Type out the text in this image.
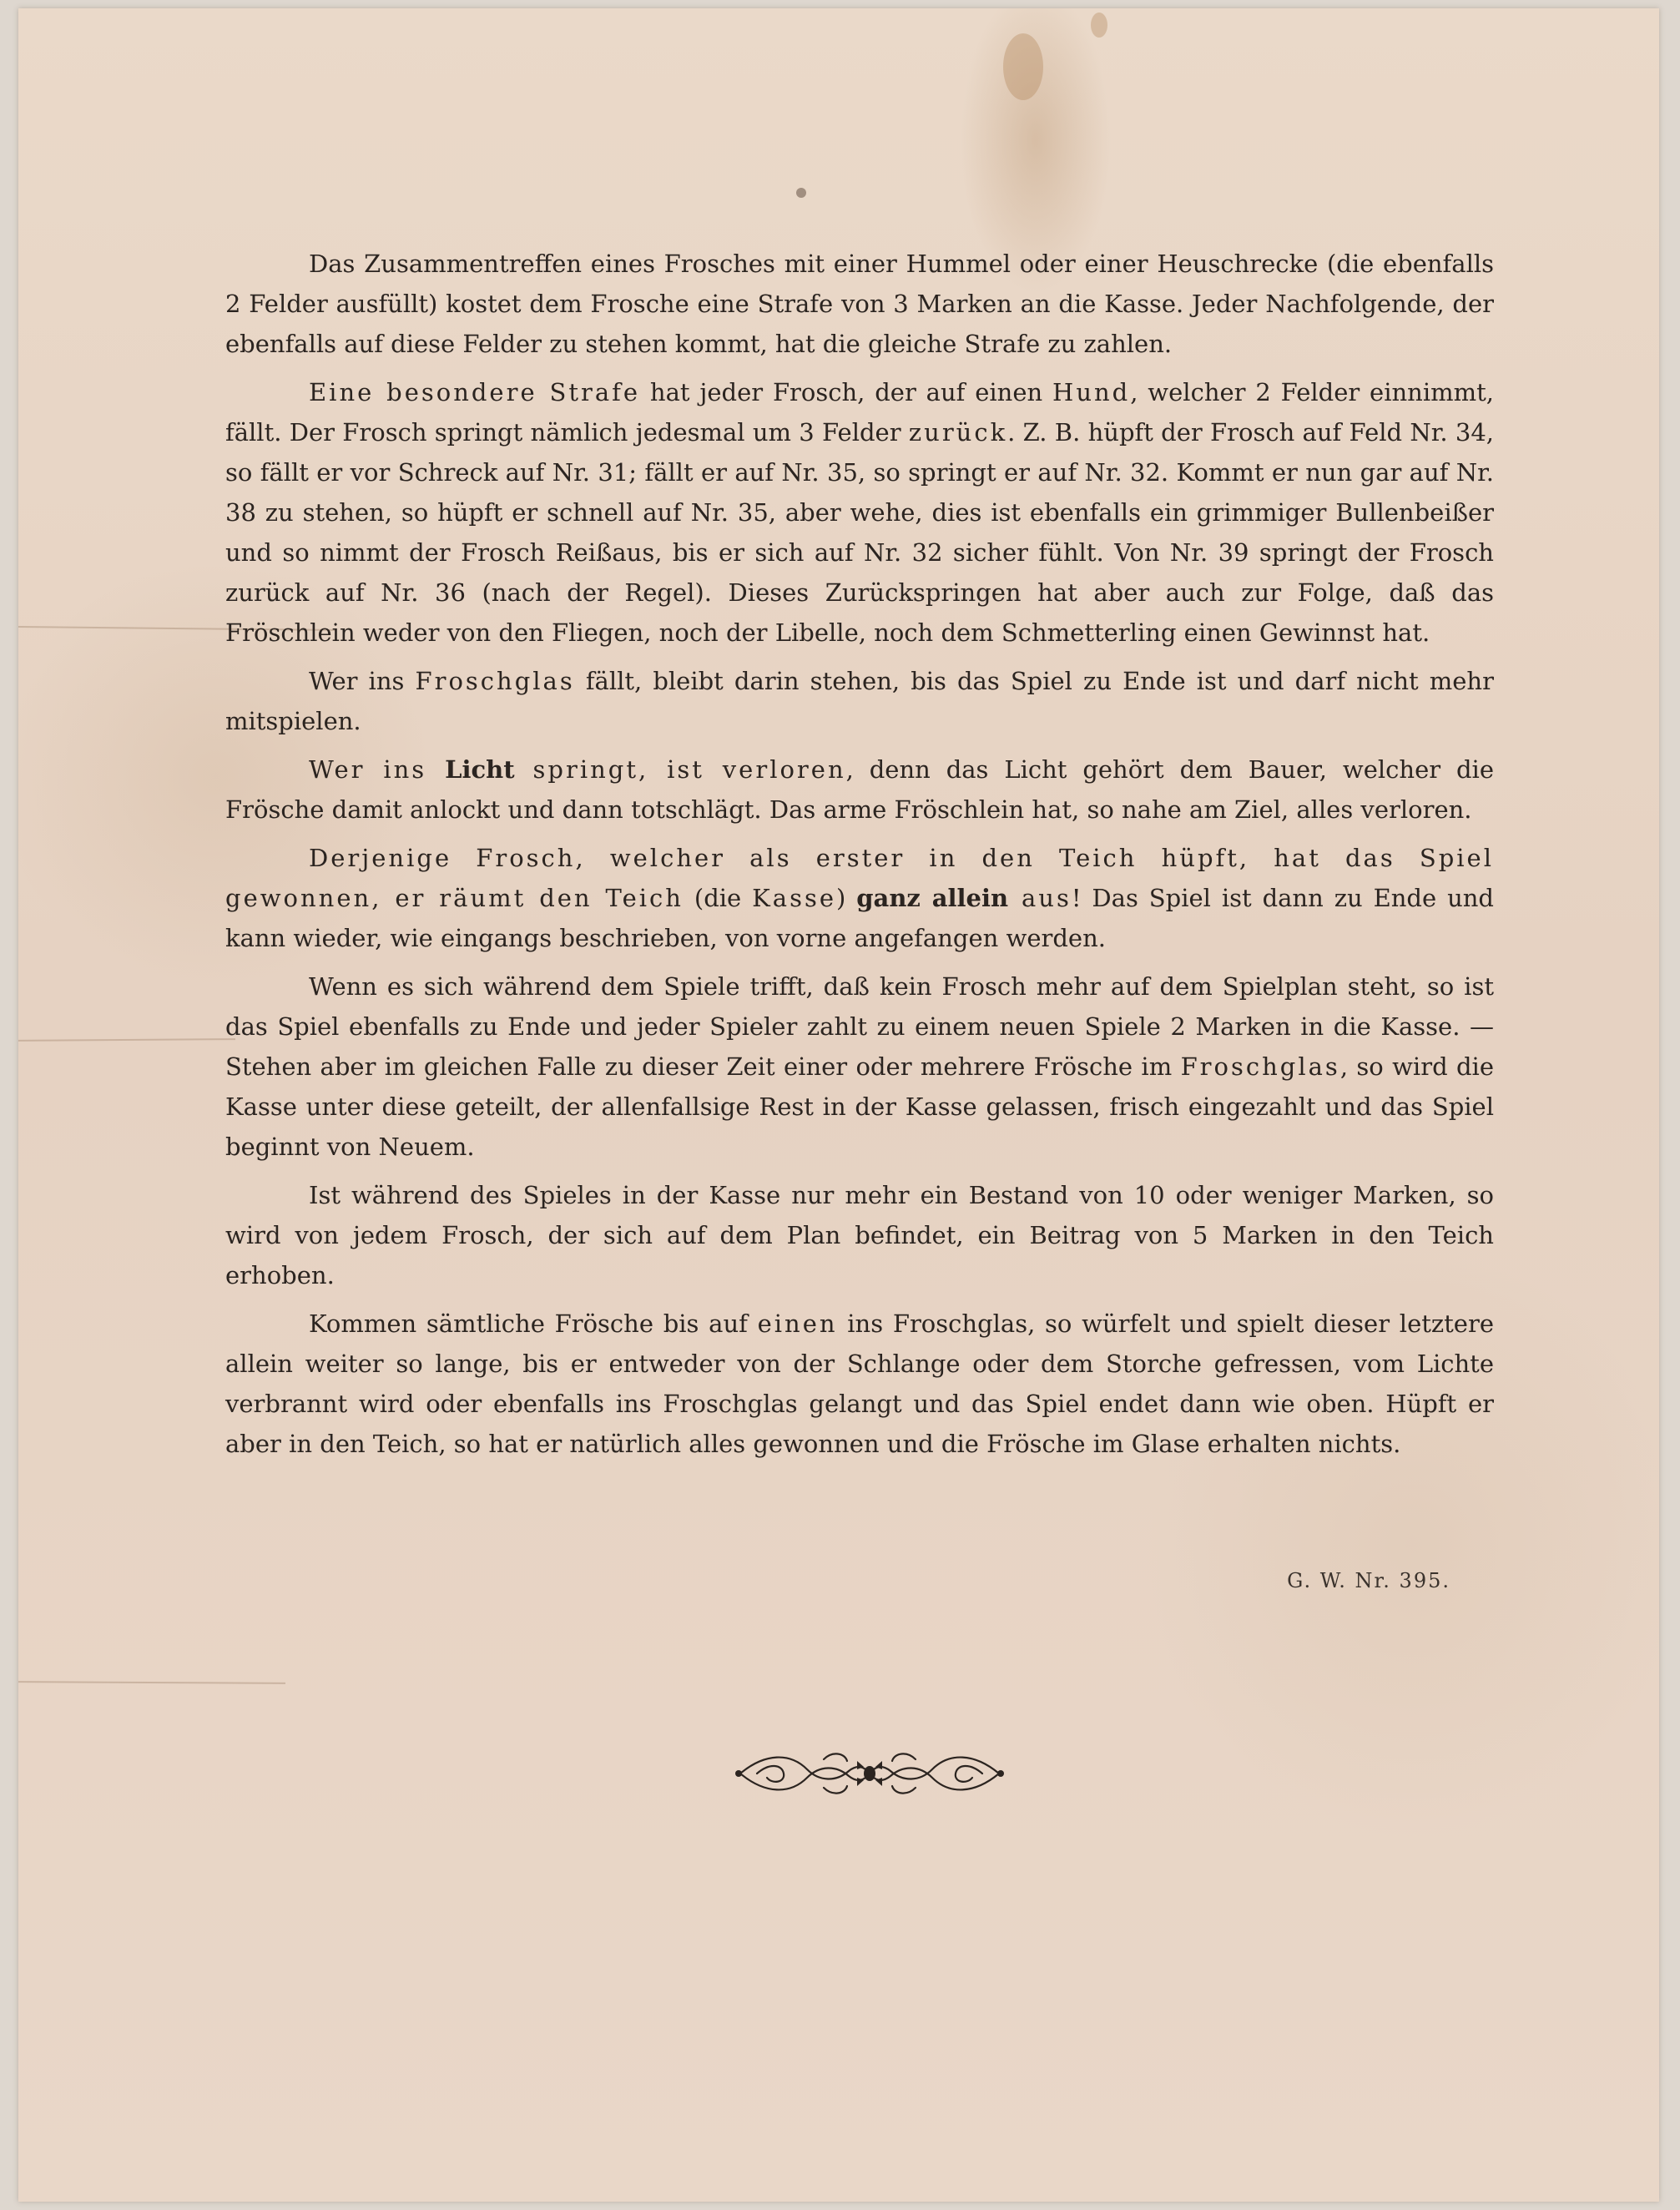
Das Zusammentreffen eines Frosches mit einer Hummel oder einer Heuschrecke (die ebenfalls 2 Felder ausfüllt) kostet dem Frosche eine Strafe von 3 Marken an die Kasse. Jeder Nachfolgende, der ebenfalls auf diese Felder zu stehen kommt, hat die gleiche Strafe zu zahlen.

Eine besondere Strafe hat jeder Frosch, der auf einen Hund, welcher 2 Felder einnimmt, fällt. Der Frosch springt nämlich jedesmal um 3 Felder zurück. Z. B. hüpft der Frosch auf Feld Nr. 34, so fällt er vor Schreck auf Nr. 31; fällt er auf Nr. 35, so springt er auf Nr. 32. Kommt er nun gar auf Nr. 38 zu stehen, so hüpft er schnell auf Nr. 35, aber wehe, dies ist ebenfalls ein grimmiger Bullenbeißer und so nimmt der Frosch Reißaus, bis er sich auf Nr. 32 sicher fühlt. Von Nr. 39 springt der Frosch zurück auf Nr. 36 (nach der Regel). Dieses Zurückspringen hat aber auch zur Folge, daß das Fröschlein weder von den Fliegen, noch der Libelle, noch dem Schmetterling einen Gewinnst hat.

Wer ins Froschglas fällt, bleibt darin stehen, bis das Spiel zu Ende ist und darf nicht mehr mitspielen.

Wer ins Licht springt, ist verloren, denn das Licht gehört dem Bauer, welcher die Frösche damit anlockt und dann totschlägt. Das arme Fröschlein hat, so nahe am Ziel, alles verloren.

Derjenige Frosch, welcher als erster in den Teich hüpft, hat das Spiel gewonnen, er räumt den Teich (die Kasse) ganz allein aus! Das Spiel ist dann zu Ende und kann wieder, wie eingangs beschrieben, von vorne angefangen werden.

Wenn es sich während dem Spiele trifft, daß kein Frosch mehr auf dem Spielplan steht, so ist das Spiel ebenfalls zu Ende und jeder Spieler zahlt zu einem neuen Spiele 2 Marken in die Kasse. — Stehen aber im gleichen Falle zu dieser Zeit einer oder mehrere Frösche im Froschglas, so wird die Kasse unter diese geteilt, der allenfallsige Rest in der Kasse gelassen, frisch eingezahlt und das Spiel beginnt von Neuem.

Ist während des Spieles in der Kasse nur mehr ein Bestand von 10 oder weniger Marken, so wird von jedem Frosch, der sich auf dem Plan befindet, ein Beitrag von 5 Marken in den Teich erhoben.

Kommen sämtliche Frösche bis auf einen ins Froschglas, so würfelt und spielt dieser letztere allein weiter so lange, bis er entweder von der Schlange oder dem Storche gefressen, vom Lichte verbrannt wird oder ebenfalls ins Froschglas gelangt und das Spiel endet dann wie oben. Hüpft er aber in den Teich, so hat er natürlich alles gewonnen und die Frösche im Glase erhalten nichts.

G. W. Nr. 395.
